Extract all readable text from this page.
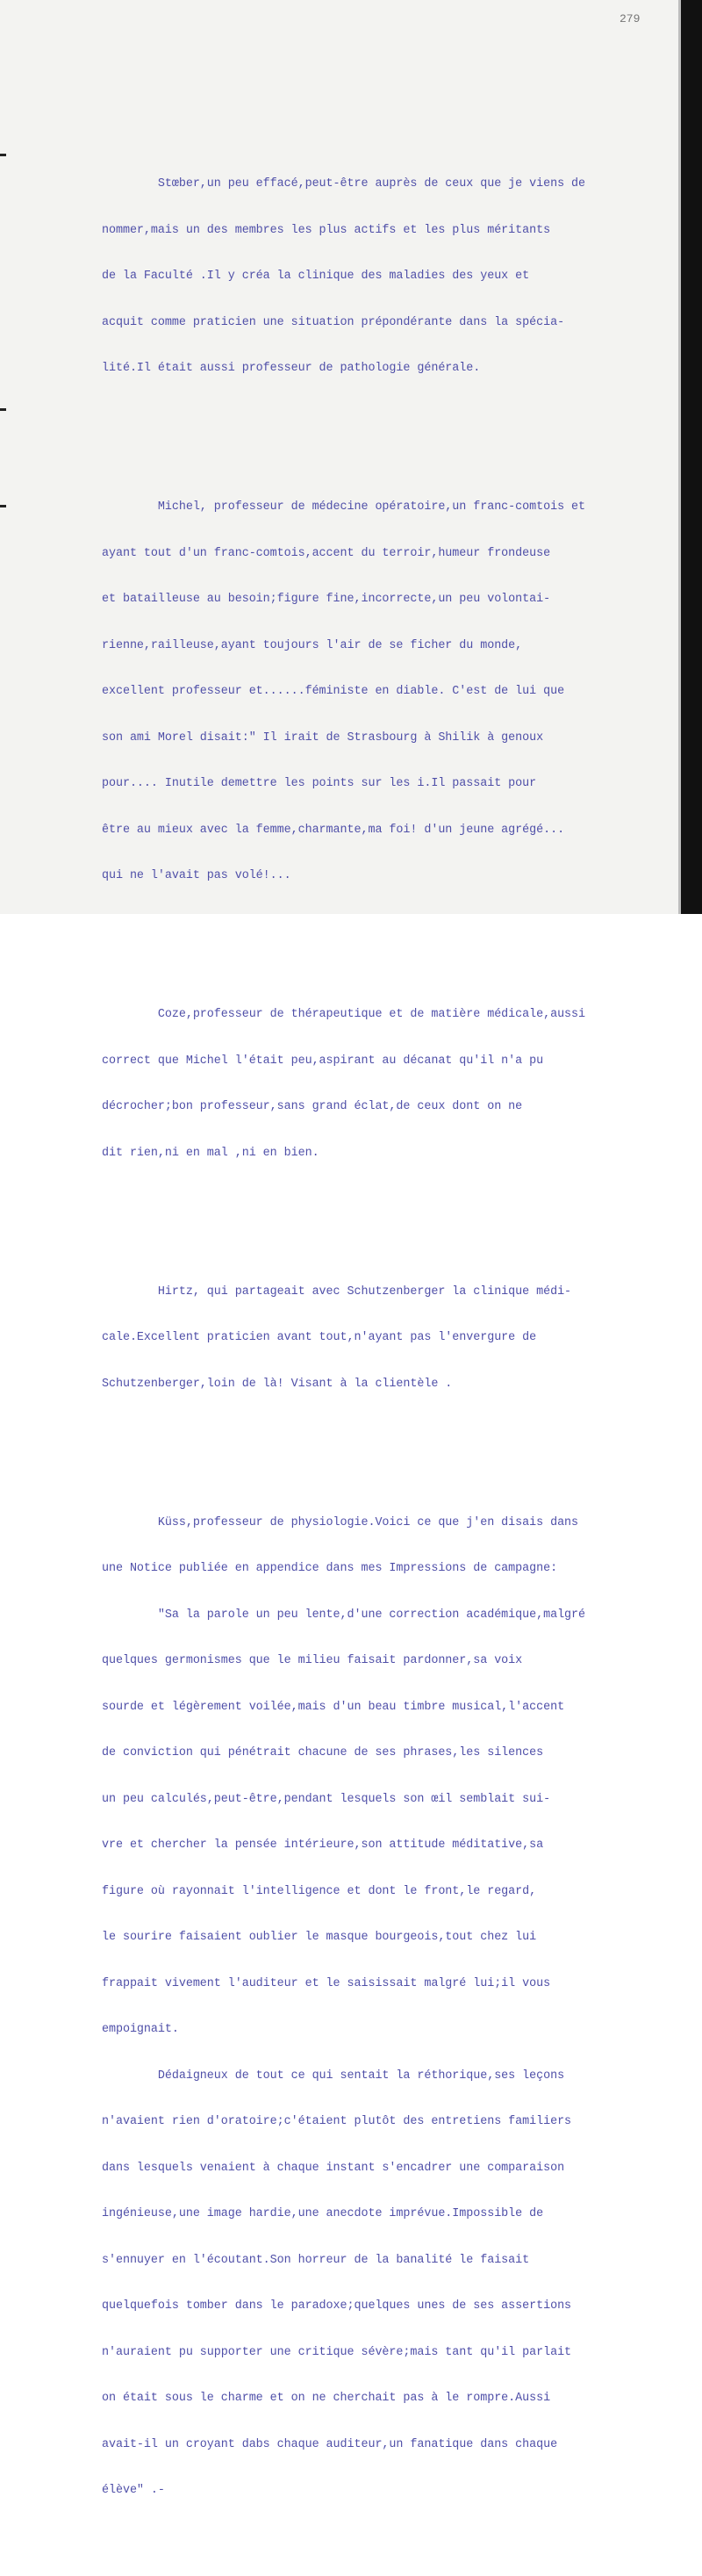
279

Stœber,un peu effacé,peut-être auprès de ceux que je viens de

nommer,mais un des membres les plus actifs et les plus méritants

de la Faculté .Il y créa la clinique des maladies des yeux et

acquit comme praticien une situation prépondérante dans la spécia-

lité.Il était aussi professeur de pathologie générale.

Michel, professeur de médecine opératoire,un franc-comtois et

ayant tout d'un franc-comtois,accent du terroir,humeur frondeuse

et batailleuse au besoin;figure fine,incorrecte,un peu volontai-

rienne,railleuse,ayant toujours l'air de se ficher du monde,

excellent professeur et......féministe en diable. C'est de lui que

son ami Morel disait:" Il irait de Strasbourg à Shilik à genoux

pour.... Inutile demettre les points sur les i.Il passait pour

être au mieux avec la femme,charmante,ma foi! d'un jeune agrégé...

qui ne l'avait pas volé!...

Coze,professeur de thérapeutique et de matière médicale,aussi

correct que Michel l'était peu,aspirant au décanat qu'il n'a pu

décrocher;bon professeur,sans grand éclat,de ceux dont on ne

dit rien,ni en mal ,ni en bien.

Hirtz, qui partageait avec Schutzenberger la clinique médi-

cale.Excellent praticien avant tout,n'ayant pas l'envergure de

Schutzenberger,loin de là! Visant à la clientèle .

Küss,professeur de physiologie.Voici ce que j'en disais dans

une Notice publiée en appendice dans mes Impressions de campagne:

"Sa la parole un peu lente,d'une correction académique,malgré

quelques germonismes que le milieu faisait pardonner,sa voix

sourde et légèrement voilée,mais d'un beau timbre musical,l'accent

de conviction qui pénétrait chacune de ses phrases,les silences

un peu calculés,peut-être,pendant lesquels son œil semblait sui-

vre et chercher la pensée intérieure,son attitude méditative,sa

figure où rayonnait l'intelligence et dont le front,le regard,

le sourire faisaient oublier le masque bourgeois,tout chez lui

frappait vivement l'auditeur et le saisissait malgré lui;il vous

empoignait.

Dédaigneux de tout ce qui sentait la réthorique,ses leçons

n'avaient rien d'oratoire;c'étaient plutôt des entretiens familiers

dans lesquels venaient à chaque instant s'encadrer une comparaison

ingénieuse,une image hardie,une anecdote imprévue.Impossible de

s'ennuyer en l'écoutant.Son horreur de la banalité le faisait

quelquefois tomber dans le paradoxe;quelques unes de ses assertions

n'auraient pu supporter une critique sévère;mais tant qu'il parlait

on était sous le charme et on ne cherchait pas à le rompre.Aussi

avait-il un croyant dabs chaque auditeur,un fanatique dans chaque

élève" .-
